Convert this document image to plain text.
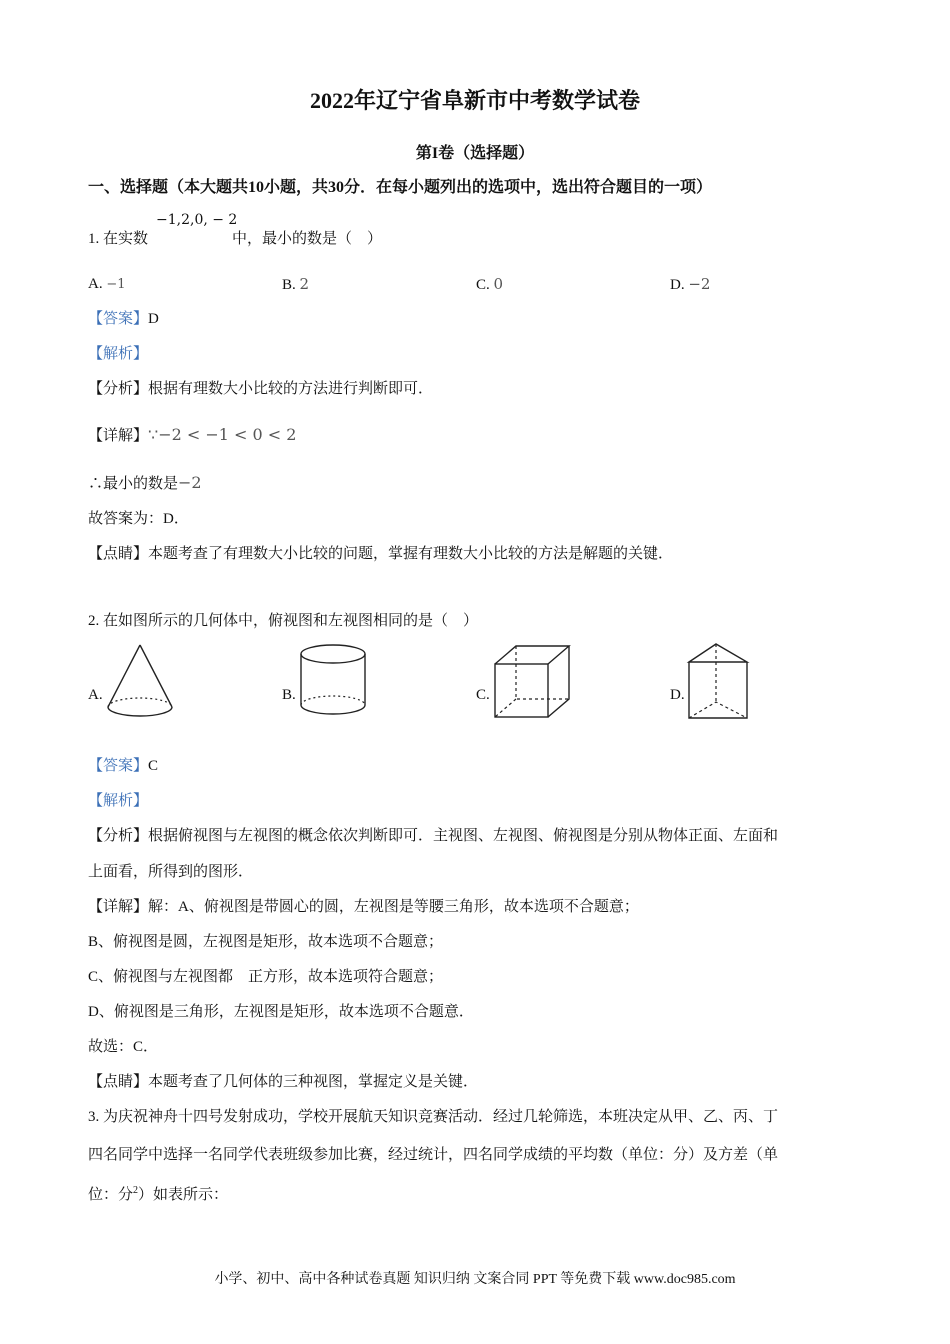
2022年辽宁省阜新市中考数学试卷
第I卷（选择题）
一、选择题（本大题共10小题，共30分．在每小题列出的选项中，选出符合题目的一项）
−1,2,0, − 2
1. 在实数	中，最小的数是（　）
A. −1	B. 2	C. 0	D. −2
【答案】D
【解析】
【分析】根据有理数大小比较的方法进行判断即可．
【详解】∵−2 < −1 < 0 < 2
∴最小的数是−2
故答案为：D．
【点睛】本题考查了有理数大小比较的问题，掌握有理数大小比较的方法是解题的关键．
2. 在如图所示的几何体中，俯视图和左视图相同的是（　）
A.	B.	C.	D.
【答案】C
【解析】
【分析】根据俯视图与左视图的概念依次判断即可．主视图、左视图、俯视图是分别从物体正面、左面和
上面看，所得到的图形．
【详解】解：A、俯视图是带圆心的圆，左视图是等腰三角形，故本选项不合题意；
B、俯视图是圆，左视图是矩形，故本选项不合题意；
C、俯视图与左视图都　正方形，故本选项符合题意；
D、俯视图是三角形，左视图是矩形，故本选项不合题意．
故选：C．
【点睛】本题考查了几何体的三种视图，掌握定义是关键．
3. 为庆祝神舟十四号发射成功，学校开展航天知识竞赛活动．经过几轮筛选，本班决定从甲、乙、丙、丁
四名同学中选择一名同学代表班级参加比赛，经过统计，四名同学成绩的平均数（单位：分）及方差（单
位：分$^2$）如表所示：
小学、初中、高中各种试卷真题 知识归纳 文案合同 PPT 等免费下载 www.doc985.com
